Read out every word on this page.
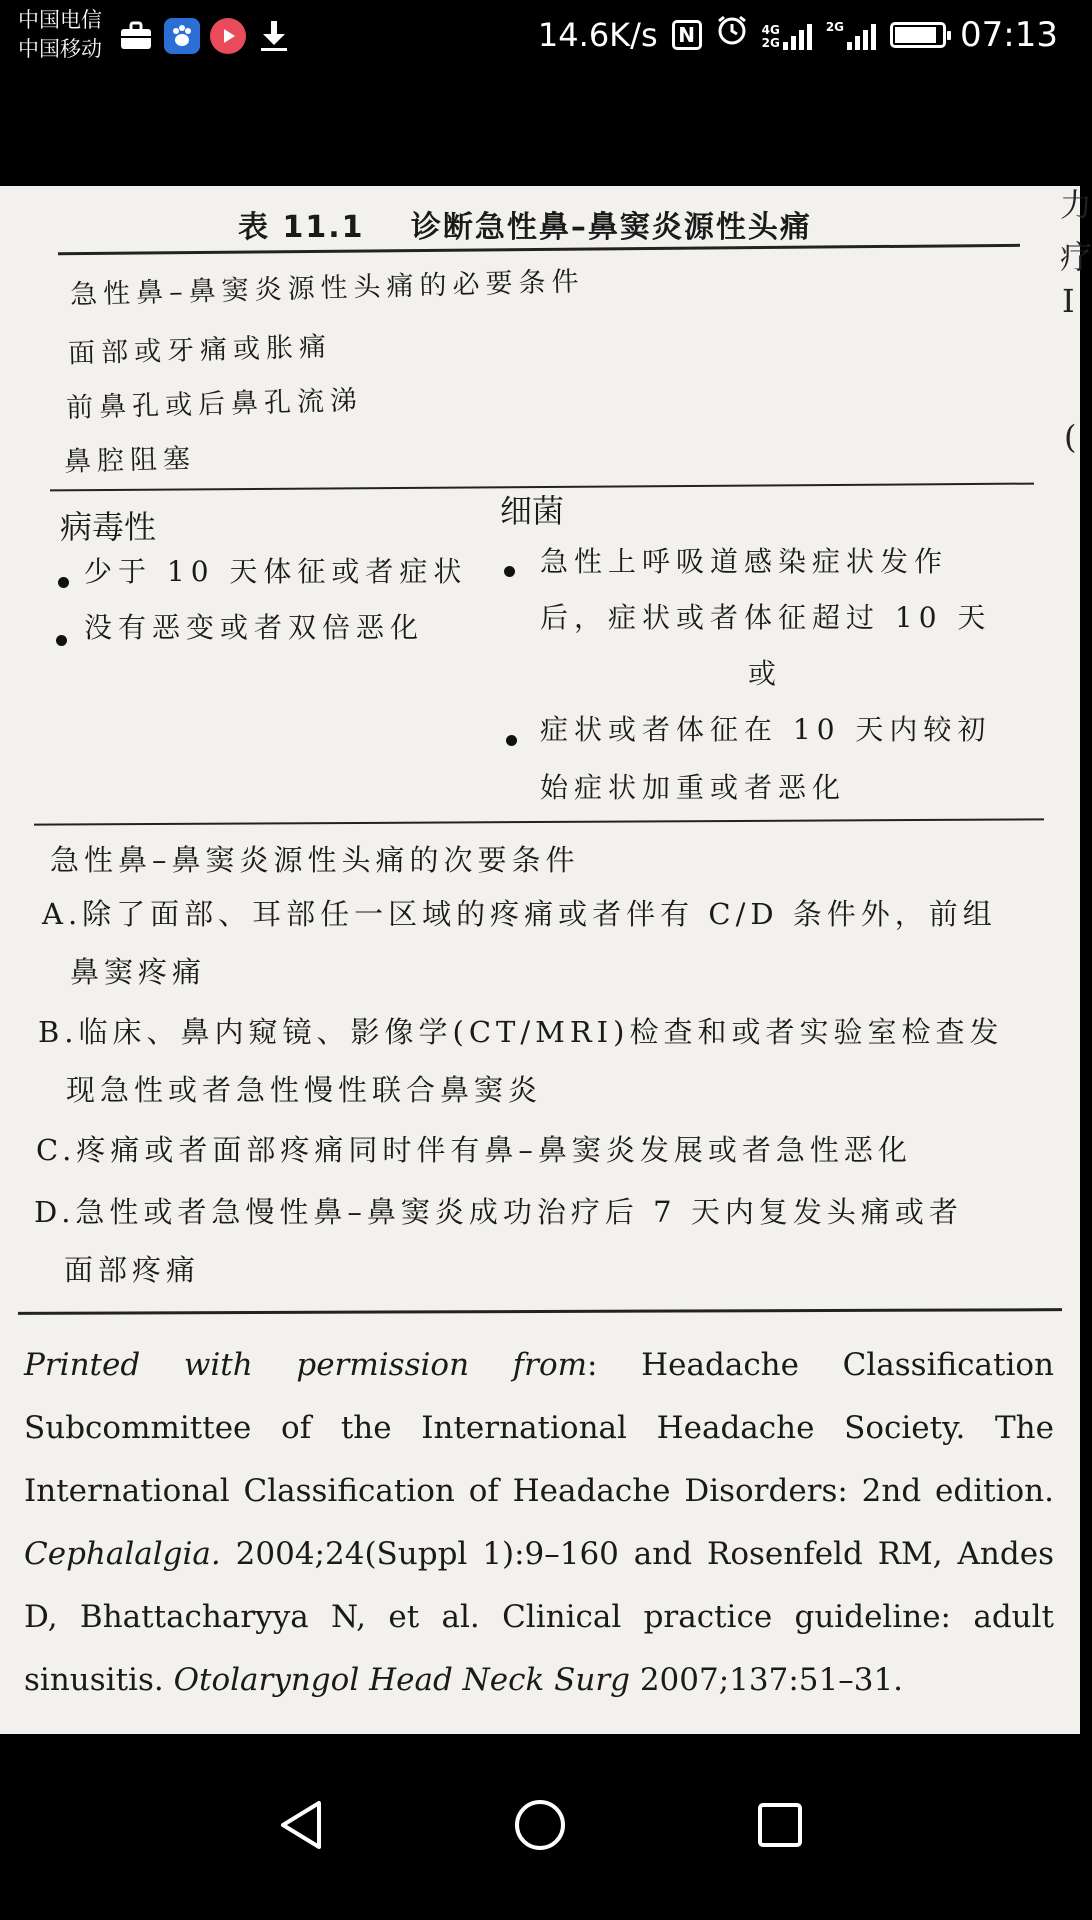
中国电信
中国移动	14.6K/s N	4G
2G
2G	07:13
表 11.1 诊断急性鼻–鼻窦炎源性头痛
急性鼻–鼻窦炎源性头痛的必要条件
面部或牙痛或胀痛
前鼻孔或后鼻孔流涕
鼻腔阻塞
病毒性
少于 10 天体征或者症状
没有恶变或者双倍恶化
细菌
急性上呼吸道感染症状发作
后，症状或者体征超过 10 天
或
症状或者体征在 10 天内较初
始症状加重或者恶化
急性鼻–鼻窦炎源性头痛的次要条件
A.除了面部、耳部任一区域的疼痛或者伴有 C/D 条件外，前组
鼻窦疼痛
B.临床、鼻内窥镜、影像学(CT/MRI)检查和或者实验室检查发
现急性或者急性慢性联合鼻窦炎
C.疼痛或者面部疼痛同时伴有鼻–鼻窦炎发展或者急性恶化
D.急性或者急慢性鼻–鼻窦炎成功治疗后 7 天内复发头痛或者
面部疼痛

Printed with permission from: Headache Classification Subcommittee of the International Headache Society. The International Classification of Headache Disorders: 2nd edition. Cephalalgia. 2004;24(Suppl 1):9–160 and Rosenfeld RM, Andes D, Bhattacharyya N, et al. Clinical practice guideline: adult sinusitis. Otolaryngol Head Neck Surg 2007;137:51–31.

力
疗
I
(
